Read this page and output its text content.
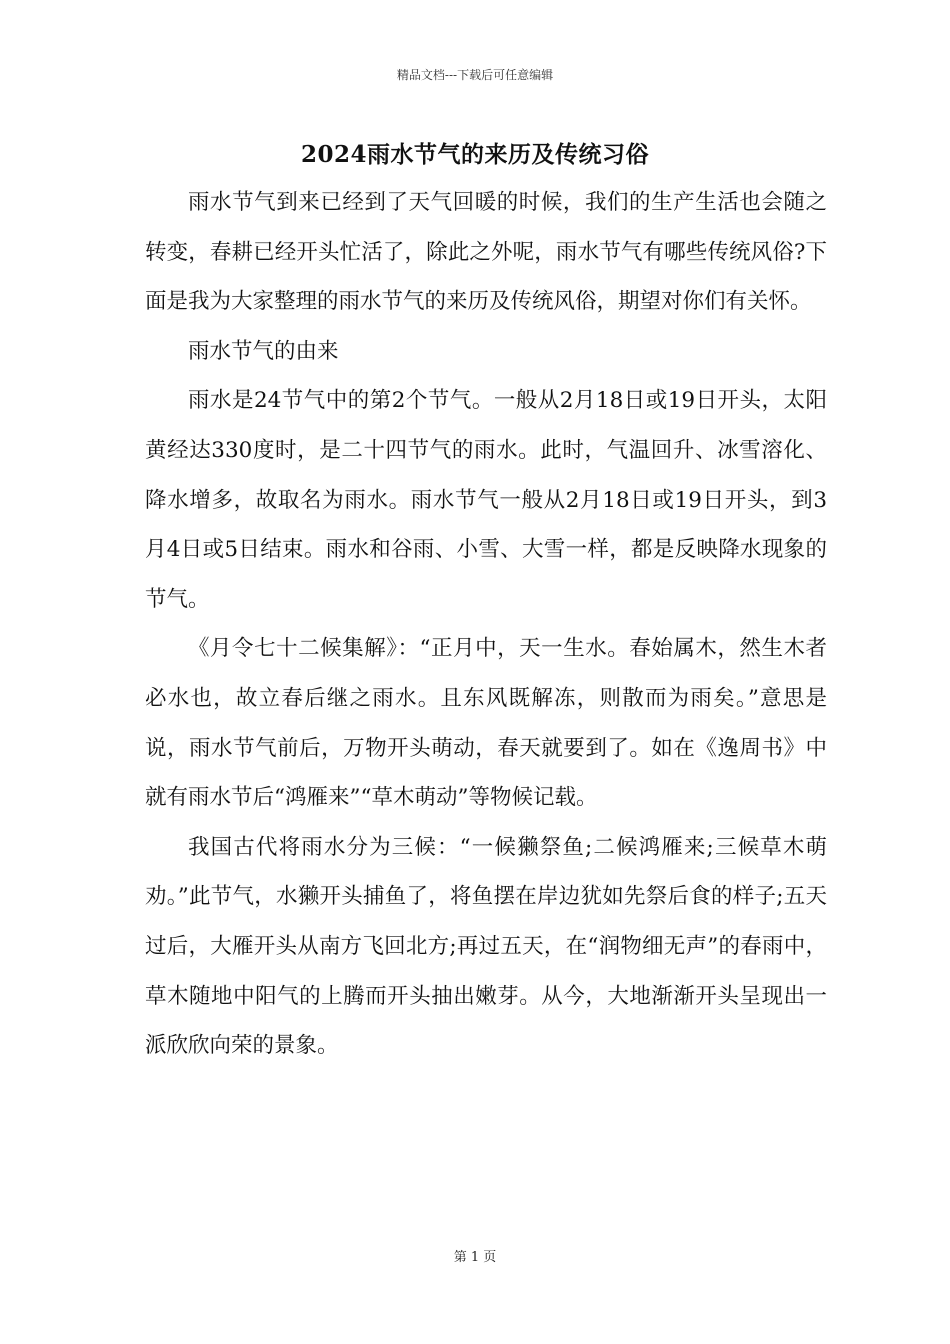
精品文档---下载后可任意编辑
2024雨水节气的来历及传统习俗

雨水节气到来已经到了天气回暖的时候，我们的生产生活也会随之转变，春耕已经开头忙活了，除此之外呢，雨水节气有哪些传统风俗?下面是我为大家整理的雨水节气的来历及传统风俗，期望对你们有关怀。

雨水节气的由来

雨水是24节气中的第2个节气。一般从2月18日或19日开头，太阳黄经达330度时，是二十四节气的雨水。此时，气温回升、冰雪溶化、降水增多，故取名为雨水。雨水节气一般从2月18日或19日开头，到3月4日或5日结束。雨水和谷雨、小雪、大雪一样，都是反映降水现象的节气。

《月令七十二候集解》：“正月中，天一生水。春始属木，然生木者必水也，故立春后继之雨水。且东风既解冻，则散而为雨矣。”意思是说，雨水节气前后，万物开头萌动，春天就要到了。如在《逸周书》中就有雨水节后“鸿雁来”“草木萌动”等物候记载。

我国古代将雨水分为三候：“一候獭祭鱼;二候鸿雁来;三候草木萌劝。”此节气，水獭开头捕鱼了，将鱼摆在岸边犹如先祭后食的样子;五天过后，大雁开头从南方飞回北方;再过五天，在“润物细无声”的春雨中，草木随地中阳气的上腾而开头抽出嫩芽。从今，大地渐渐开头呈现出一派欣欣向荣的景象。

第 1 页
